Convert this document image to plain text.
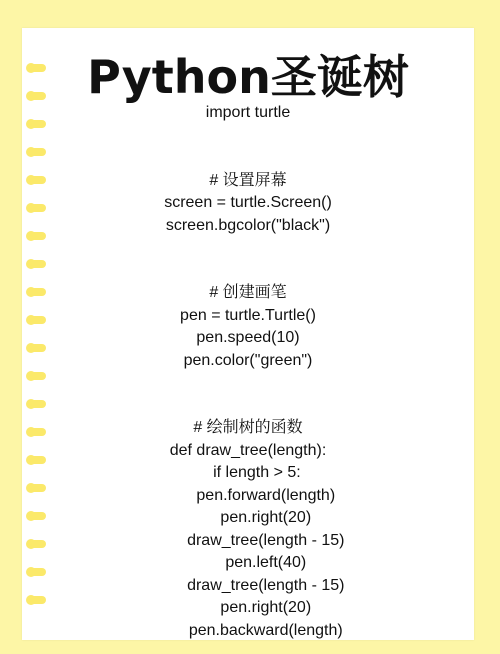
Python圣诞树
import turtle
# 设置屏幕
screen = turtle.Screen()
screen.bgcolor("black")
# 创建画笔
pen = turtle.Turtle()
pen.speed(10)
pen.color("green")
# 绘制树的函数
def draw_tree(length):
if length > 5:
pen.forward(length)
pen.right(20)
draw_tree(length - 15)
pen.left(40)
draw_tree(length - 15)
pen.right(20)
pen.backward(length)
